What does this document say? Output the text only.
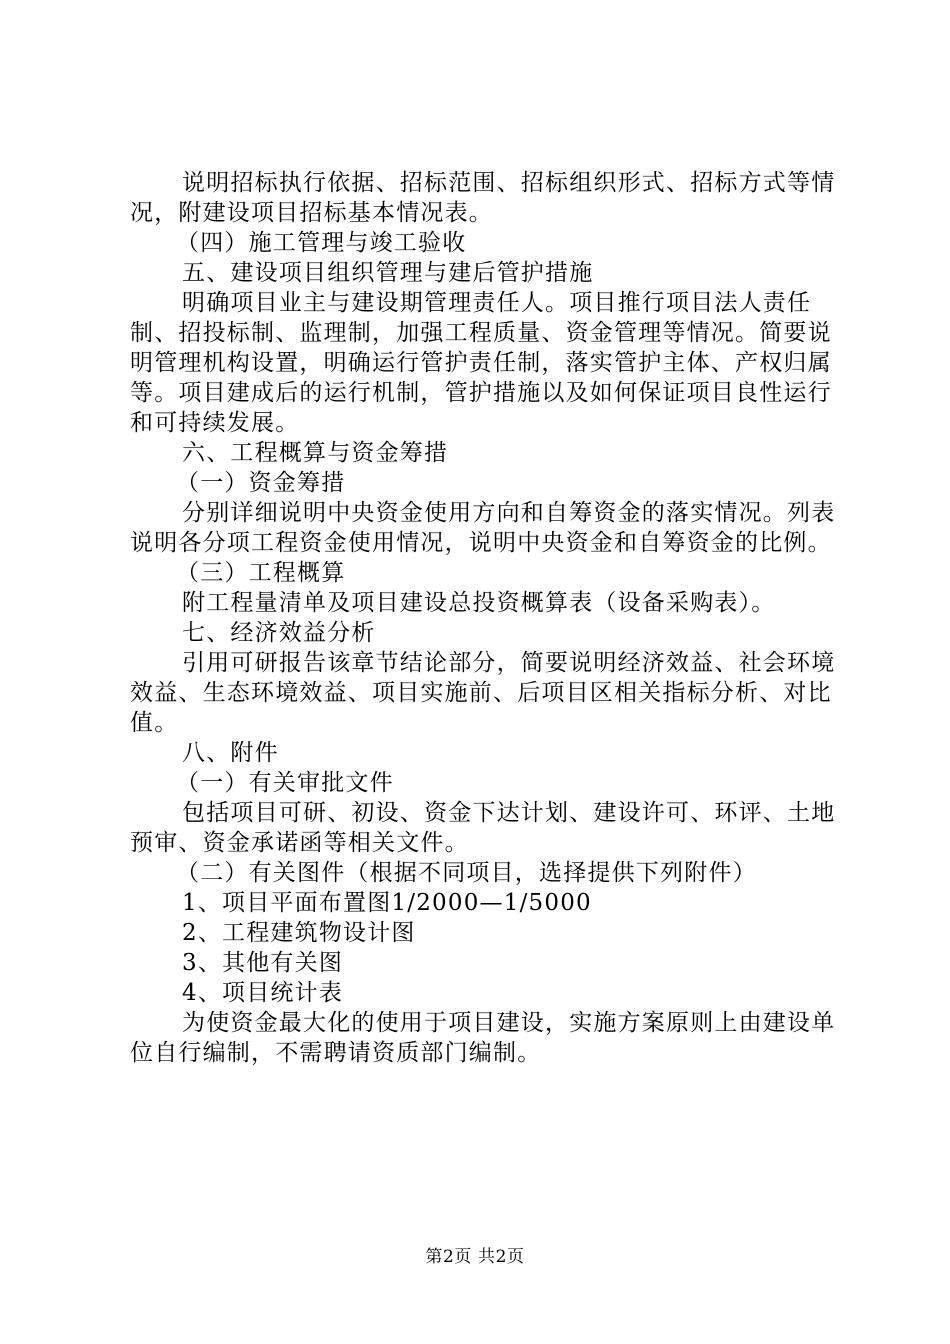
说明招标执行依据、招标范围、招标组织形式、招标方式等情况，附建设项目招标基本情况表。

（四）施工管理与竣工验收

五、建设项目组织管理与建后管护措施

明确项目业主与建设期管理责任人。项目推行项目法人责任制、招投标制、监理制，加强工程质量、资金管理等情况。简要说明管理机构设置，明确运行管护责任制，落实管护主体、产权归属等。项目建成后的运行机制，管护措施以及如何保证项目良性运行和可持续发展。

六、工程概算与资金筹措

（一）资金筹措

分别详细说明中央资金使用方向和自筹资金的落实情况。列表说明各分项工程资金使用情况，说明中央资金和自筹资金的比例。

（三）工程概算

附工程量清单及项目建设总投资概算表（设备采购表）。

七、经济效益分析

引用可研报告该章节结论部分，简要说明经济效益、社会环境效益、生态环境效益、项目实施前、后项目区相关指标分析、对比值。

八、附件

（一）有关审批文件

包括项目可研、初设、资金下达计划、建设许可、环评、土地预审、资金承诺函等相关文件。

（二）有关图件（根据不同项目，选择提供下列附件）

1、项目平面布置图1/2000—1/5000

2、工程建筑物设计图

3、其他有关图

4、项目统计表

为使资金最大化的使用于项目建设，实施方案原则上由建设单位自行编制，不需聘请资质部门编制。

第2页 共2页
